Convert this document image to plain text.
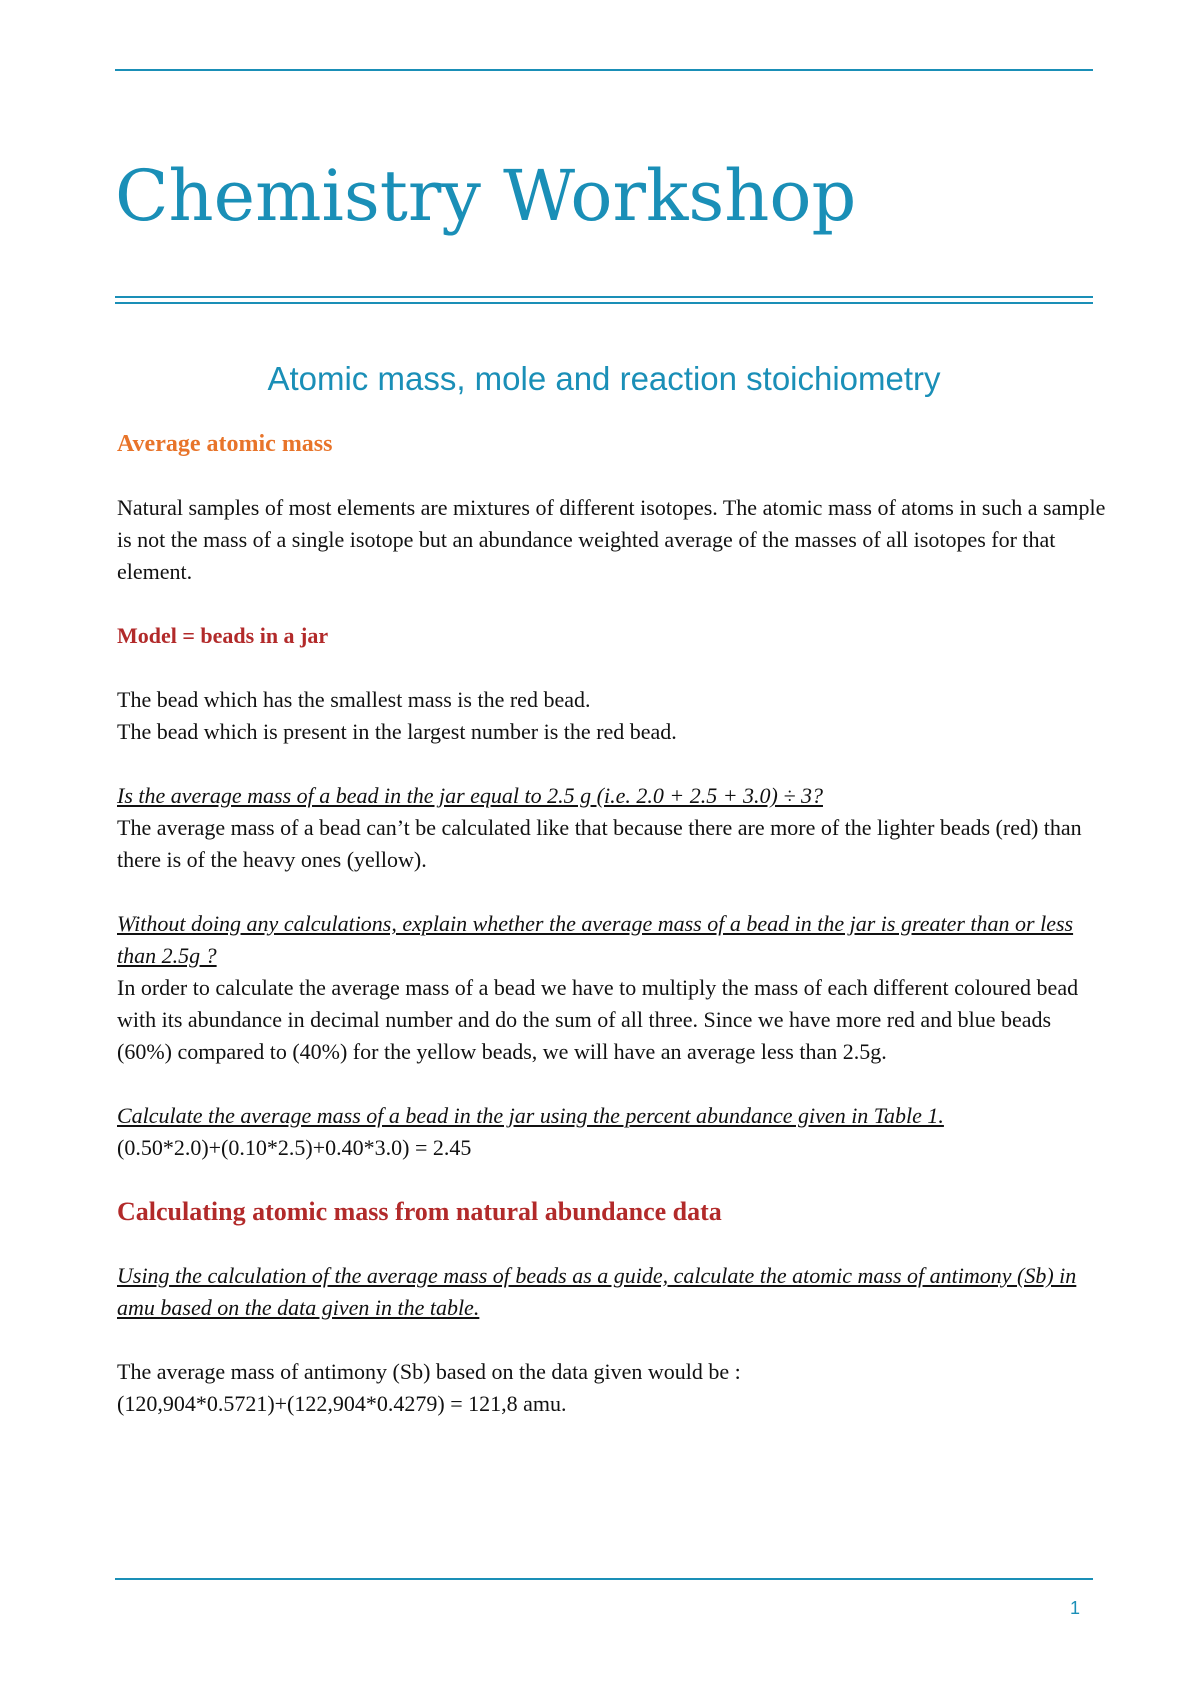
Chemistry Workshop
Atomic mass, mole and reaction stoichiometry
Average atomic mass

Natural samples of most elements are mixtures of different isotopes. The atomic mass of atoms in such a sample is not the mass of a single isotope but an abundance weighted average of the masses of all isotopes for that element.

Model = beads in a jar

The bead which has the smallest mass is the red bead.
The bead which is present in the largest number is the red bead.

Is the average mass of a bead in the jar equal to 2.5 g (i.e. 2.0 + 2.5 + 3.0) ÷ 3?
The average mass of a bead can’t be calculated like that because there are more of the lighter beads (red) than there is of the heavy ones (yellow).

Without doing any calculations, explain whether the average mass of a bead in the jar is greater than or less than 2.5g ?
In order to calculate the average mass of a bead we have to multiply the mass of each different coloured bead with its abundance in decimal number and do the sum of all three. Since we have more red and blue beads (60%) compared to (40%) for the yellow beads, we will have an average less than 2.5g.

Calculate the average mass of a bead in the jar using the percent abundance given in Table 1.
(0.50*2.0)+(0.10*2.5)+0.40*3.0) = 2.45

Calculating atomic mass from natural abundance data

Using the calculation of the average mass of beads as a guide, calculate the atomic mass of antimony (Sb) in amu based on the data given in the table.

The average mass of antimony (Sb) based on the data given would be :
(120,904*0.5721)+(122,904*0.4279) = 121,8 amu.

1
